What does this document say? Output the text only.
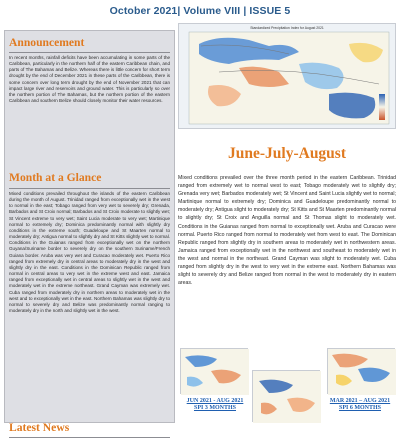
October 2021| Volume VIII | ISSUE 5
Announcement
In recent months, rainfall deficits have been accumulating in some parts of the Caribbean, particularly in the northern half of the eastern Caribbean chain, and parts of The Bahamas and Belize. Whereas there is little concern for short term drought by the end of December 2021 in these parts of the Caribbean, there is some concern over long term drought by the end of November 2021 that can impact large river and reservoirs and ground water. This is particularly so over the northern portion of The Bahamas, but the northern portion of the eastern Caribbean and southern Belize should closely monitor their water resources.
Month at a Glance
Mixed conditions prevailed throughout the islands of the eastern Caribbean during the month of August. Trinidad ranged from exceptionally wet in the west to normal in the east; Tobago ranged from very wet to severely dry; Grenada, Barbados and St Croix normal; Barbados and St Croix moderate to slightly wet; St Vincent extreme to very wet; Saint Lucia moderate to very wet; Martinique normal to extremely dry; Dominica predominantly normal with slightly dry conditions in the extreme south; Guadeloupe and St Maarten normal to moderately dry; Antigua normal to slightly dry and St Kitts slightly wet to normal. Conditions in the Guianas ranged from exceptionally wet on the northern Guyana/Suriname border to severely dry on the southern Suriname/French Guiana border. Aruba was very wet and Curacao moderately wet. Puerto Rico ranged from extremely dry in central areas to moderately dry in the west and slightly dry in the east. Conditions in the Dominican Republic ranged from normal in central areas to very wet in the extreme west and east. Jamaica ranged from exceptionally wet in central areas to slightly wet in the west and moderately wet in the extreme northeast. Grand Cayman was extremely wet. Cuba ranged from moderately dry in northern areas to moderately wet in the west and to exceptionally wet in the east. Northern Bahamas was slightly dry to normal to severely dry and Belize was predominantly normal ranging to moderately dry in the north and slightly wet in the west.
Latest News
Standardized Precipitation Index for August 2021
June-July-August
Mixed conditions prevailed over the three month period in the eastern Caribbean. Trinidad ranged from extremely wet to normal west to east; Tobago moderately wet to slightly dry; Grenada very wet; Barbados moderately wet; St Vincent and Saint Lucia slightly wet to normal; Martinique normal to extremely dry; Dominica and Guadeloupe predominantly normal to moderately dry; Antigua slight to moderately dry; St Kitts and St Maarten predominantly normal to slightly dry; St Croix and Anguilla normal and St Thomas slight to moderately wet. Conditions in the Guianas ranged from normal to exceptionally wet. Aruba and Curacao were normal. Puerto Rico ranged from normal to moderately wet from west to east. The Dominican Republic ranged from slightly dry in southern areas to moderately wet in northwestern areas. Jamaica ranged from exceptionally wet in the northwest and southeast to moderately wet in the west and normal in the northeast. Grand Cayman was slight to moderately wet. Cuba ranged from slightly dry in the west to very wet in the extreme east. Northern Bahamas was slight to severely dry and Belize ranged from normal in the west to moderately dry in eastern areas.
JUN 2021 - AUG 2021
SPI 3 MONTHS
MAR 2021 – AUG 2021
SPI 6 MONTHS
